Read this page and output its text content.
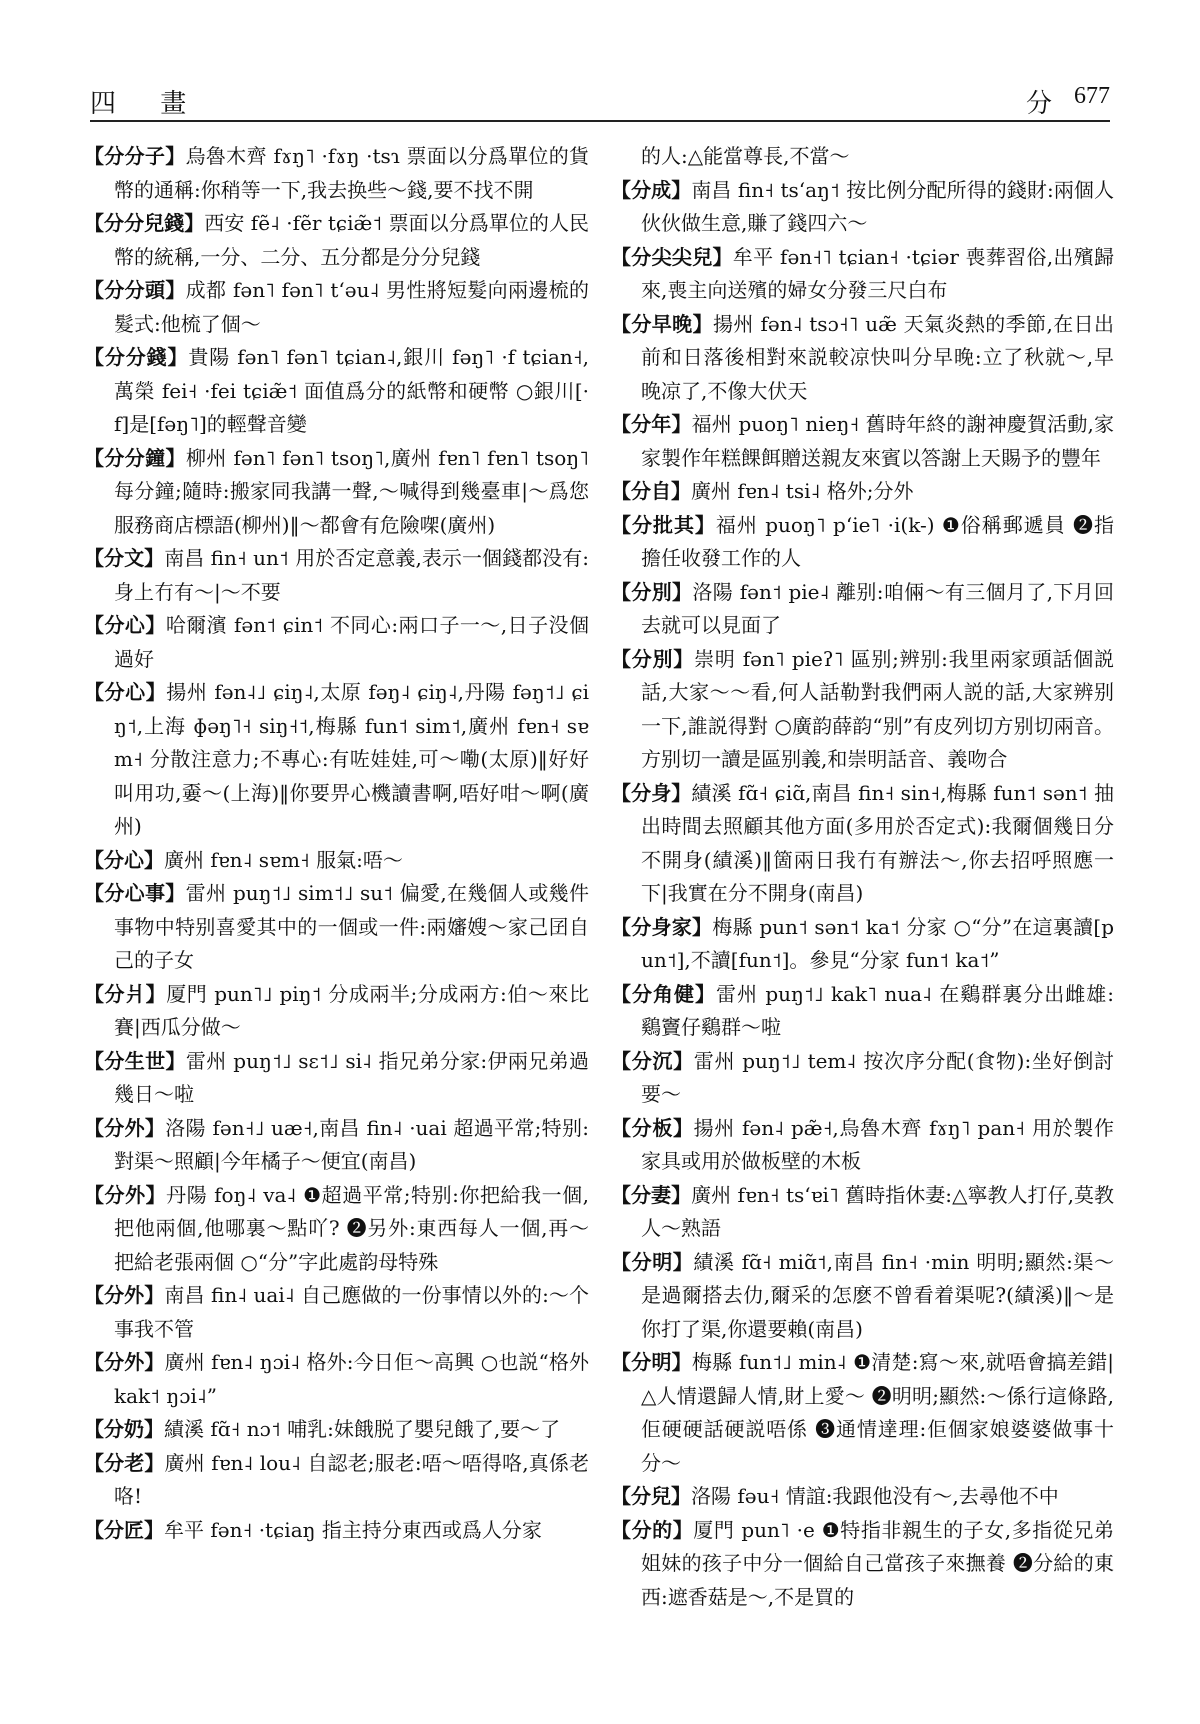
四 畫	分 677
【分分子】烏魯木齊 fɤŋ˥ ·fɤŋ ·tsɿ 票面以分爲單位的貨幣的通稱:你稍等一下,我去换些～錢,要不找不開
【分分兒錢】西安 fẽ˨ ·fẽr tɕiæ̃˦ 票面以分爲單位的人民幣的統稱,一分、二分、五分都是分分兒錢
【分分頭】成都 fən˥ fən˥ tʻəu˨ 男性將短髮向兩邊梳的髮式:他梳了個～
【分分錢】貴陽 fən˥ fən˥ tɕian˨,銀川 fəŋ˥ ·f tɕian˧,萬榮 fei˧ ·fei tɕiæ̃˦ 面值爲分的紙幣和硬幣 ○銀川[·f]是[fəŋ˥]的輕聲音變
【分分鐘】柳州 fən˥ fən˥ tsoŋ˥,廣州 fɐn˥ fɐn˥ tsoŋ˥ 每分鐘;隨時:搬家同我講一聲,～喊得到幾臺車|～爲您服務商店標語(柳州)‖～都會有危險㗎(廣州)
【分文】南昌 fin˧ un˦ 用於否定意義,表示一個錢都没有:身上冇有～|～不要
【分心】哈爾濱 fən˦ ɕin˦ 不同心:兩口子一～,日子没個過好
【分心】揚州 fən˨˩ ɕiŋ˨,太原 fəŋ˨ ɕiŋ˨,丹陽 fəŋ˦˩ ɕiŋ˦,上海 ɸəŋ˥˧ siŋ˧˦,梅縣 fun˦ sim˦,廣州 fɐn˧ sɐm˧ 分散注意力;不專心:有咗娃娃,可～嘞(太原)‖好好叫用功,嫑～(上海)‖你要畀心機讀書啊,唔好咁～啊(廣州)
【分心】廣州 fɐn˨ sɐm˧ 服氣:唔～
【分心事】雷州 puŋ˦˩ sim˦˩ su˦ 偏愛,在幾個人或幾件事物中特别喜愛其中的一個或一件:兩嬸嫂～家己囝自己的子女
【分爿】厦門 pun˥˩ piŋ˦ 分成兩半;分成兩方:伯～來比賽|西瓜分做～
【分生世】雷州 puŋ˦˩ sɛ˦˩ si˨ 指兄弟分家:伊兩兄弟過幾日～啦
【分外】洛陽 fən˧˩ uæ˧,南昌 fin˨ ·uai 超過平常;特别:對渠～照顧|今年橘子～便宜(南昌)
【分外】丹陽 foŋ˨ va˨ ❶超過平常;特别:你把給我一個,把他兩個,他哪裏～點吖? ❷另外:東西每人一個,再～把給老張兩個 ○“分”字此處韵母特殊
【分外】南昌 fin˨ uai˨ 自己應做的一份事情以外的:～个事我不管
【分外】廣州 fɐn˨ ŋɔi˨ 格外:今日佢～高興 ○也説“格外 kak˦ ŋɔi˨”
【分奶】績溪 fɑ̃˧ nɔ˦ 哺乳:妹餓脱了嬰兒餓了,要～了
【分老】廣州 fɐn˨ lou˨ 自認老;服老:唔～唔得咯,真係老咯!
【分匠】牟平 fən˧ ·tɕiaŋ 指主持分東西或爲人分家
的人:△能當尊長,不當～
【分成】南昌 fin˧ tsʻaŋ˦ 按比例分配所得的錢財:兩個人伙伙做生意,賺了錢四六～
【分尖尖兒】牟平 fən˧˥ tɕian˧ ·tɕiər 喪葬習俗,出殯歸來,喪主向送殯的婦女分發三尺白布
【分早晚】揚州 fən˨ tsɔ˧˥ uæ̃ 天氣炎熱的季節,在日出前和日落後相對來説較凉快叫分早晚:立了秋就～,早晚凉了,不像大伏天
【分年】福州 puoŋ˥ nieŋ˧ 舊時年終的謝神慶賀活動,家家製作年糕餜餌贈送親友來賓以答謝上天賜予的豐年
【分自】廣州 fɐn˨ tsi˨ 格外;分外
【分批其】福州 puoŋ˥ pʻie˥ ·i(k-) ❶俗稱郵遞員 ❷指擔任收發工作的人
【分別】洛陽 fən˦ pie˨ 離别:咱倆～有三個月了,下月回去就可以見面了
【分別】崇明 fən˥ pieʔ˥ 區别;辨别:我里兩家頭話個説話,大家～～看,何人話勒對我們兩人説的話,大家辨别一下,誰説得對 ○廣韵薛韵“别”有皮列切方别切兩音。方别切一讀是區别義,和崇明話音、義吻合
【分身】績溪 fɑ̃˧ ɕiɑ̃,南昌 fin˧ sin˧,梅縣 fun˦ sən˦ 抽出時間去照顧其他方面(多用於否定式):我爾個幾日分不開身(績溪)‖箇兩日我冇有辦法～,你去招呼照應一下|我實在分不開身(南昌)
【分身家】梅縣 pun˦ sən˦ ka˦ 分家 ○“分”在這裏讀[pun˦],不讀[fun˦]。參見“分家 fun˦ ka˦”
【分角健】雷州 puŋ˦˩ kak˥ nua˨ 在鷄群裏分出雌雄:鷄竇仔鷄群～啦
【分沉】雷州 puŋ˦˩ tem˨ 按次序分配(食物):坐好倒討要～
【分板】揚州 fən˨ pæ̃˧,烏魯木齊 fɤŋ˥ pan˧ 用於製作家具或用於做板壁的木板
【分妻】廣州 fɐn˧ tsʻɐi˥ 舊時指休妻:△寧教人打仔,莫教人～熟語
【分明】績溪 fɑ̃˧ miɑ̃˦,南昌 fin˧ ·min 明明;顯然:渠～是過爾搭去仂,爾采的怎麽不曾看着渠呢?(績溪)‖～是你打了渠,你還要賴(南昌)
【分明】梅縣 fun˦˩ min˨ ❶清楚:寫～來,就唔會搞差錯|△人情還歸人情,財上愛～ ❷明明;顯然:～係行這條路,佢硬硬話硬説唔係 ❸通情達理:佢個家娘婆婆做事十分～
【分兒】洛陽 fəu˧ 情誼:我跟他没有～,去尋他不中
【分的】厦門 pun˥ ·e ❶特指非親生的子女,多指從兄弟姐妹的孩子中分一個給自己當孩子來撫養 ❷分給的東西:遮香菇是～,不是買的
